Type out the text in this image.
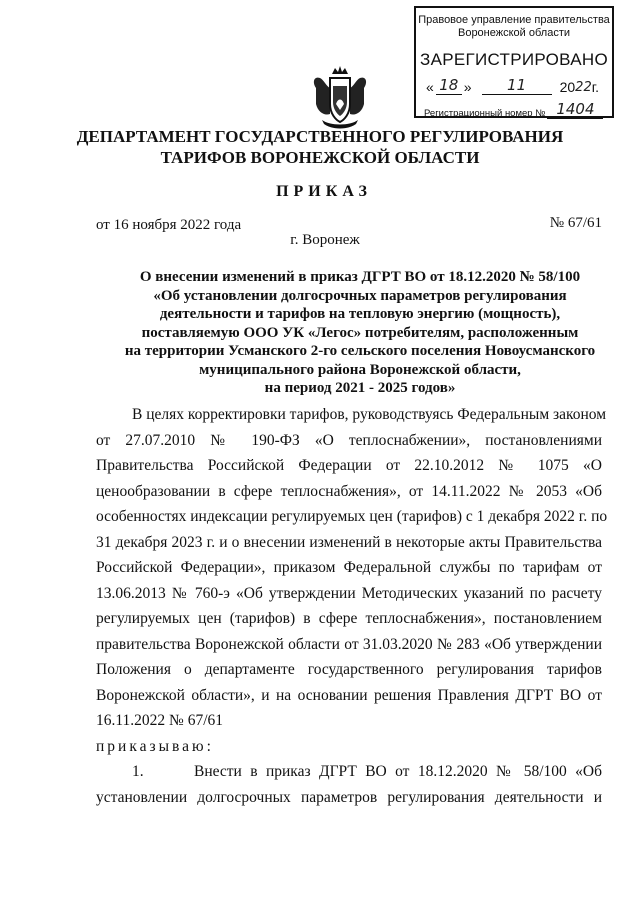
Правовое управление правительства
Воронежской области
ЗАРЕГИСТРИРОВАНО
« 18 »	11	20 22 г.
Регистрационный номер № 1404
ДЕПАРТАМЕНТ ГОСУДАРСТВЕННОГО РЕГУЛИРОВАНИЯ
ТАРИФОВ ВОРОНЕЖСКОЙ ОБЛАСТИ
ПРИКАЗ
от 16 ноября 2022 года	№ 67/61
г. Воронеж
О внесении изменений в приказ ДГРТ ВО от 18.12.2020 № 58/100
«Об установлении долгосрочных параметров регулирования
деятельности и тарифов на тепловую энергию (мощность),
поставляемую ООО УК «Легос» потребителям, расположенным
на территории Усманского 2-го сельского поселения Новоусманского
муниципального района Воронежской области,
на период 2021 - 2025 годов»
В целях корректировки тарифов, руководствуясь Федеральным законом
от 27.07.2010 № 190-ФЗ «О теплоснабжении», постановлениями
Правительства Российской Федерации от 22.10.2012 № 1075 «О
ценообразовании в сфере теплоснабжения», от 14.11.2022 № 2053 «Об
особенностях индексации регулируемых цен (тарифов) с 1 декабря 2022 г. по
31 декабря 2023 г. и о внесении изменений в некоторые акты Правительства
Российской Федерации», приказом Федеральной службы по тарифам от
13.06.2013 № 760-э «Об утверждении Методических указаний по расчету
регулируемых цен (тарифов) в сфере теплоснабжения», постановлением
правительства Воронежской области от 31.03.2020 № 283 «Об утверждении
Положения о департаменте государственного регулирования тарифов
Воронежской области», и на основании решения Правления ДГРТ ВО от
16.11.2022 № 67/61
приказываю:
1.	Внести в приказ ДГРТ ВО от 18.12.2020 № 58/100 «Об
установлении долгосрочных параметров регулирования деятельности и
